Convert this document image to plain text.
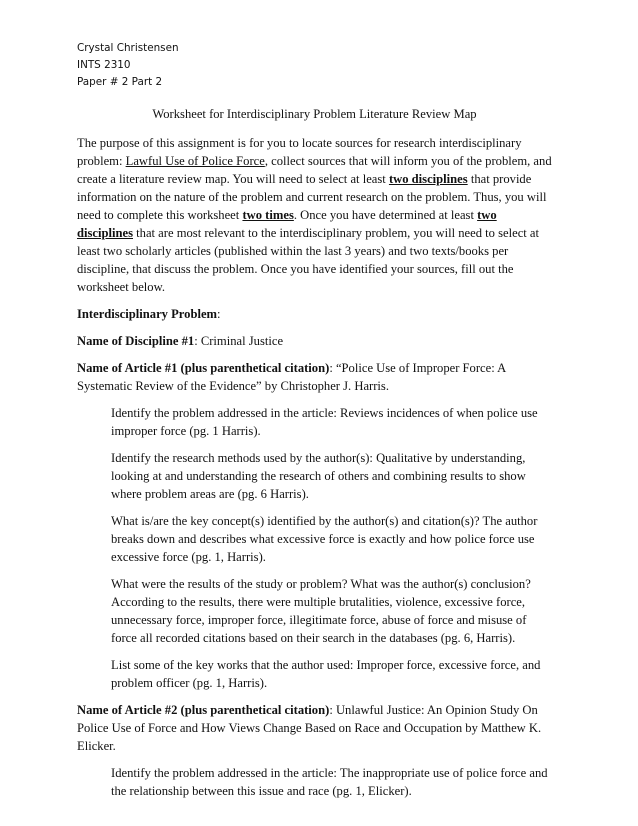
Crystal Christensen
INTS 2310
Paper # 2 Part 2
Worksheet for Interdisciplinary Problem Literature Review Map

The purpose of this assignment is for you to locate sources for research interdisciplinary problem: Lawful Use of Police Force, collect sources that will inform you of the problem, and create a literature review map. You will need to select at least two disciplines that provide information on the nature of the problem and current research on the problem. Thus, you will need to complete this worksheet two times. Once you have determined at least two disciplines that are most relevant to the interdisciplinary problem, you will need to select at least two scholarly articles (published within the last 3 years) and two texts/books per discipline, that discuss the problem. Once you have identified your sources, fill out the worksheet below.

Interdisciplinary Problem:

Name of Discipline #1: Criminal Justice

Name of Article #1 (plus parenthetical citation): “Police Use of Improper Force: A Systematic Review of the Evidence” by Christopher J. Harris.

Identify the problem addressed in the article: Reviews incidences of when police use improper force (pg. 1 Harris).

Identify the research methods used by the author(s): Qualitative by understanding, looking at and understanding the research of others and combining results to show where problem areas are (pg. 6 Harris).

What is/are the key concept(s) identified by the author(s) and citation(s)? The author breaks down and describes what excessive force is exactly and how police force use excessive force (pg. 1, Harris).

What were the results of the study or problem? What was the author(s) conclusion? According to the results, there were multiple brutalities, violence, excessive force, unnecessary force, improper force, illegitimate force, abuse of force and misuse of force all recorded citations based on their search in the databases (pg. 6, Harris).

List some of the key works that the author used: Improper force, excessive force, and problem officer (pg. 1, Harris).

Name of Article #2 (plus parenthetical citation): Unlawful Justice: An Opinion Study On Police Use of Force and How Views Change Based on Race and Occupation by Matthew K. Elicker.

Identify the problem addressed in the article: The inappropriate use of police force and the relationship between this issue and race (pg. 1, Elicker).
